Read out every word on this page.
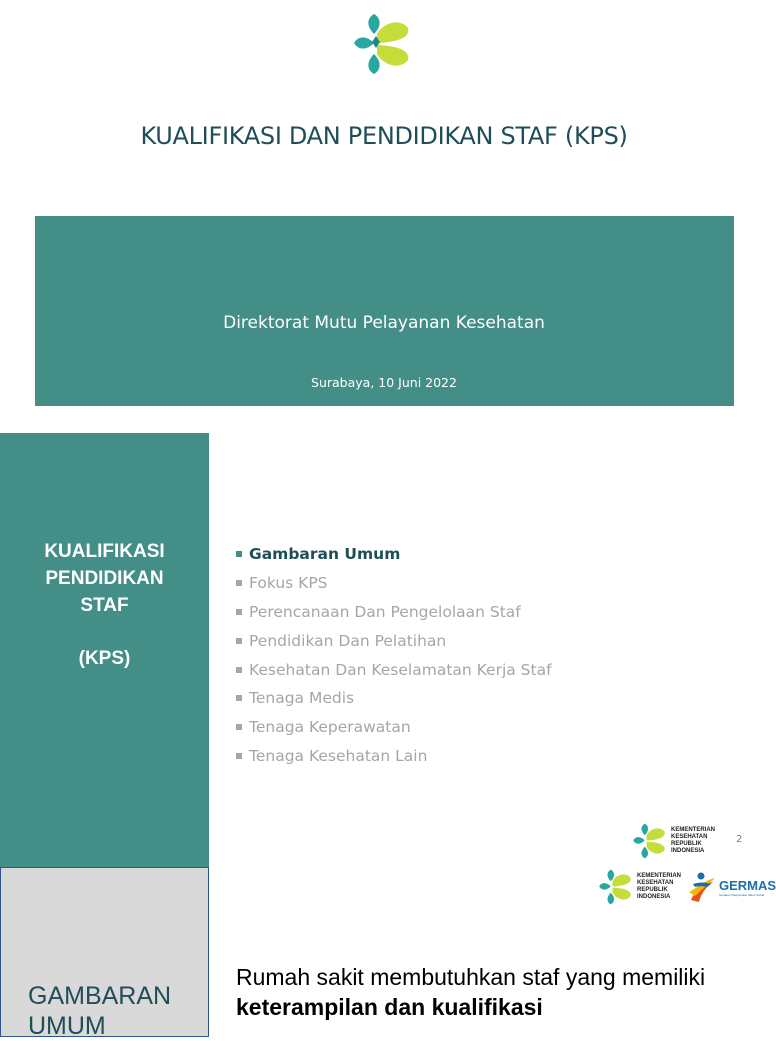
KUALIFIKASI DAN PENDIDIKAN STAF (KPS)
Direktorat Mutu Pelayanan Kesehatan
Surabaya, 10 Juni 2022
KUALIFIKASI
PENDIDIKAN
STAF
(KPS)
Gambaran Umum
Fokus KPS
Perencanaan Dan Pengelolaan Staf
Pendidikan Dan Pelatihan
Kesehatan Dan Keselamatan Kerja Staf
Tenaga Medis
Tenaga Keperawatan
Tenaga Kesehatan Lain
KEMENTERIAN
KESEHATAN
REPUBLIK
INDONESIA
2
GAMBARAN
UMUM
KEMENTERIAN
KESEHATAN
REPUBLIK
INDONESIA
GERMAS
Gerakan Masyarakat Hidup Sehat
Rumah sakit membutuhkan staf yang memiliki keterampilan dan kualifikasi
